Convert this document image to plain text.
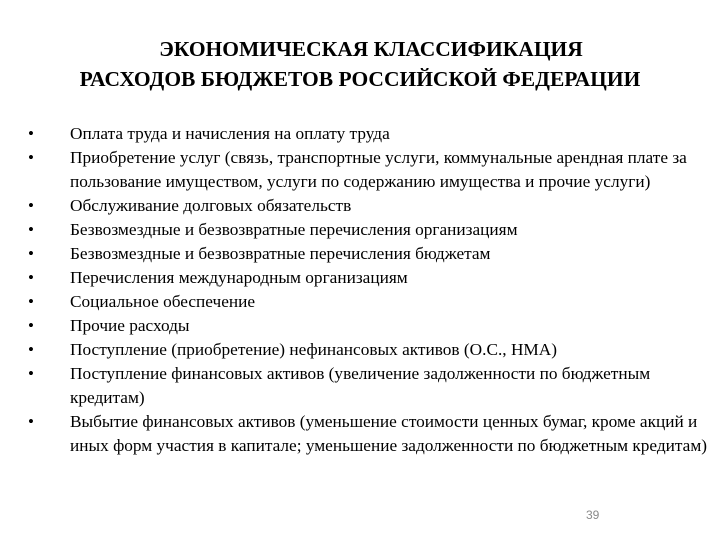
ЭКОНОМИЧЕСКАЯ КЛАССИФИКАЦИЯ
РАСХОДОВ БЮДЖЕТОВ РОССИЙСКОЙ ФЕДЕРАЦИИ
• Оплата труда и начисления на оплату труда
• Приобретение услуг (связь, транспортные услуги, коммунальные арендная плате за пользование имуществом, услуги по содержанию имущества и прочие услуги)
• Обслуживание долговых обязательств
• Безвозмездные и безвозвратные перечисления организациям
• Безвозмездные и безвозвратные перечисления бюджетам
• Перечисления международным организациям
• Социальное обеспечение
• Прочие расходы
• Поступление (приобретение) нефинансовых активов (О.С., НМА)
• Поступление финансовых активов (увеличение задолженности по бюджетным кредитам)
• Выбытие финансовых активов (уменьшение стоимости ценных бумаг, кроме акций и иных форм участия в капитале; уменьшение задолженности по бюджетным кредитам)
39
